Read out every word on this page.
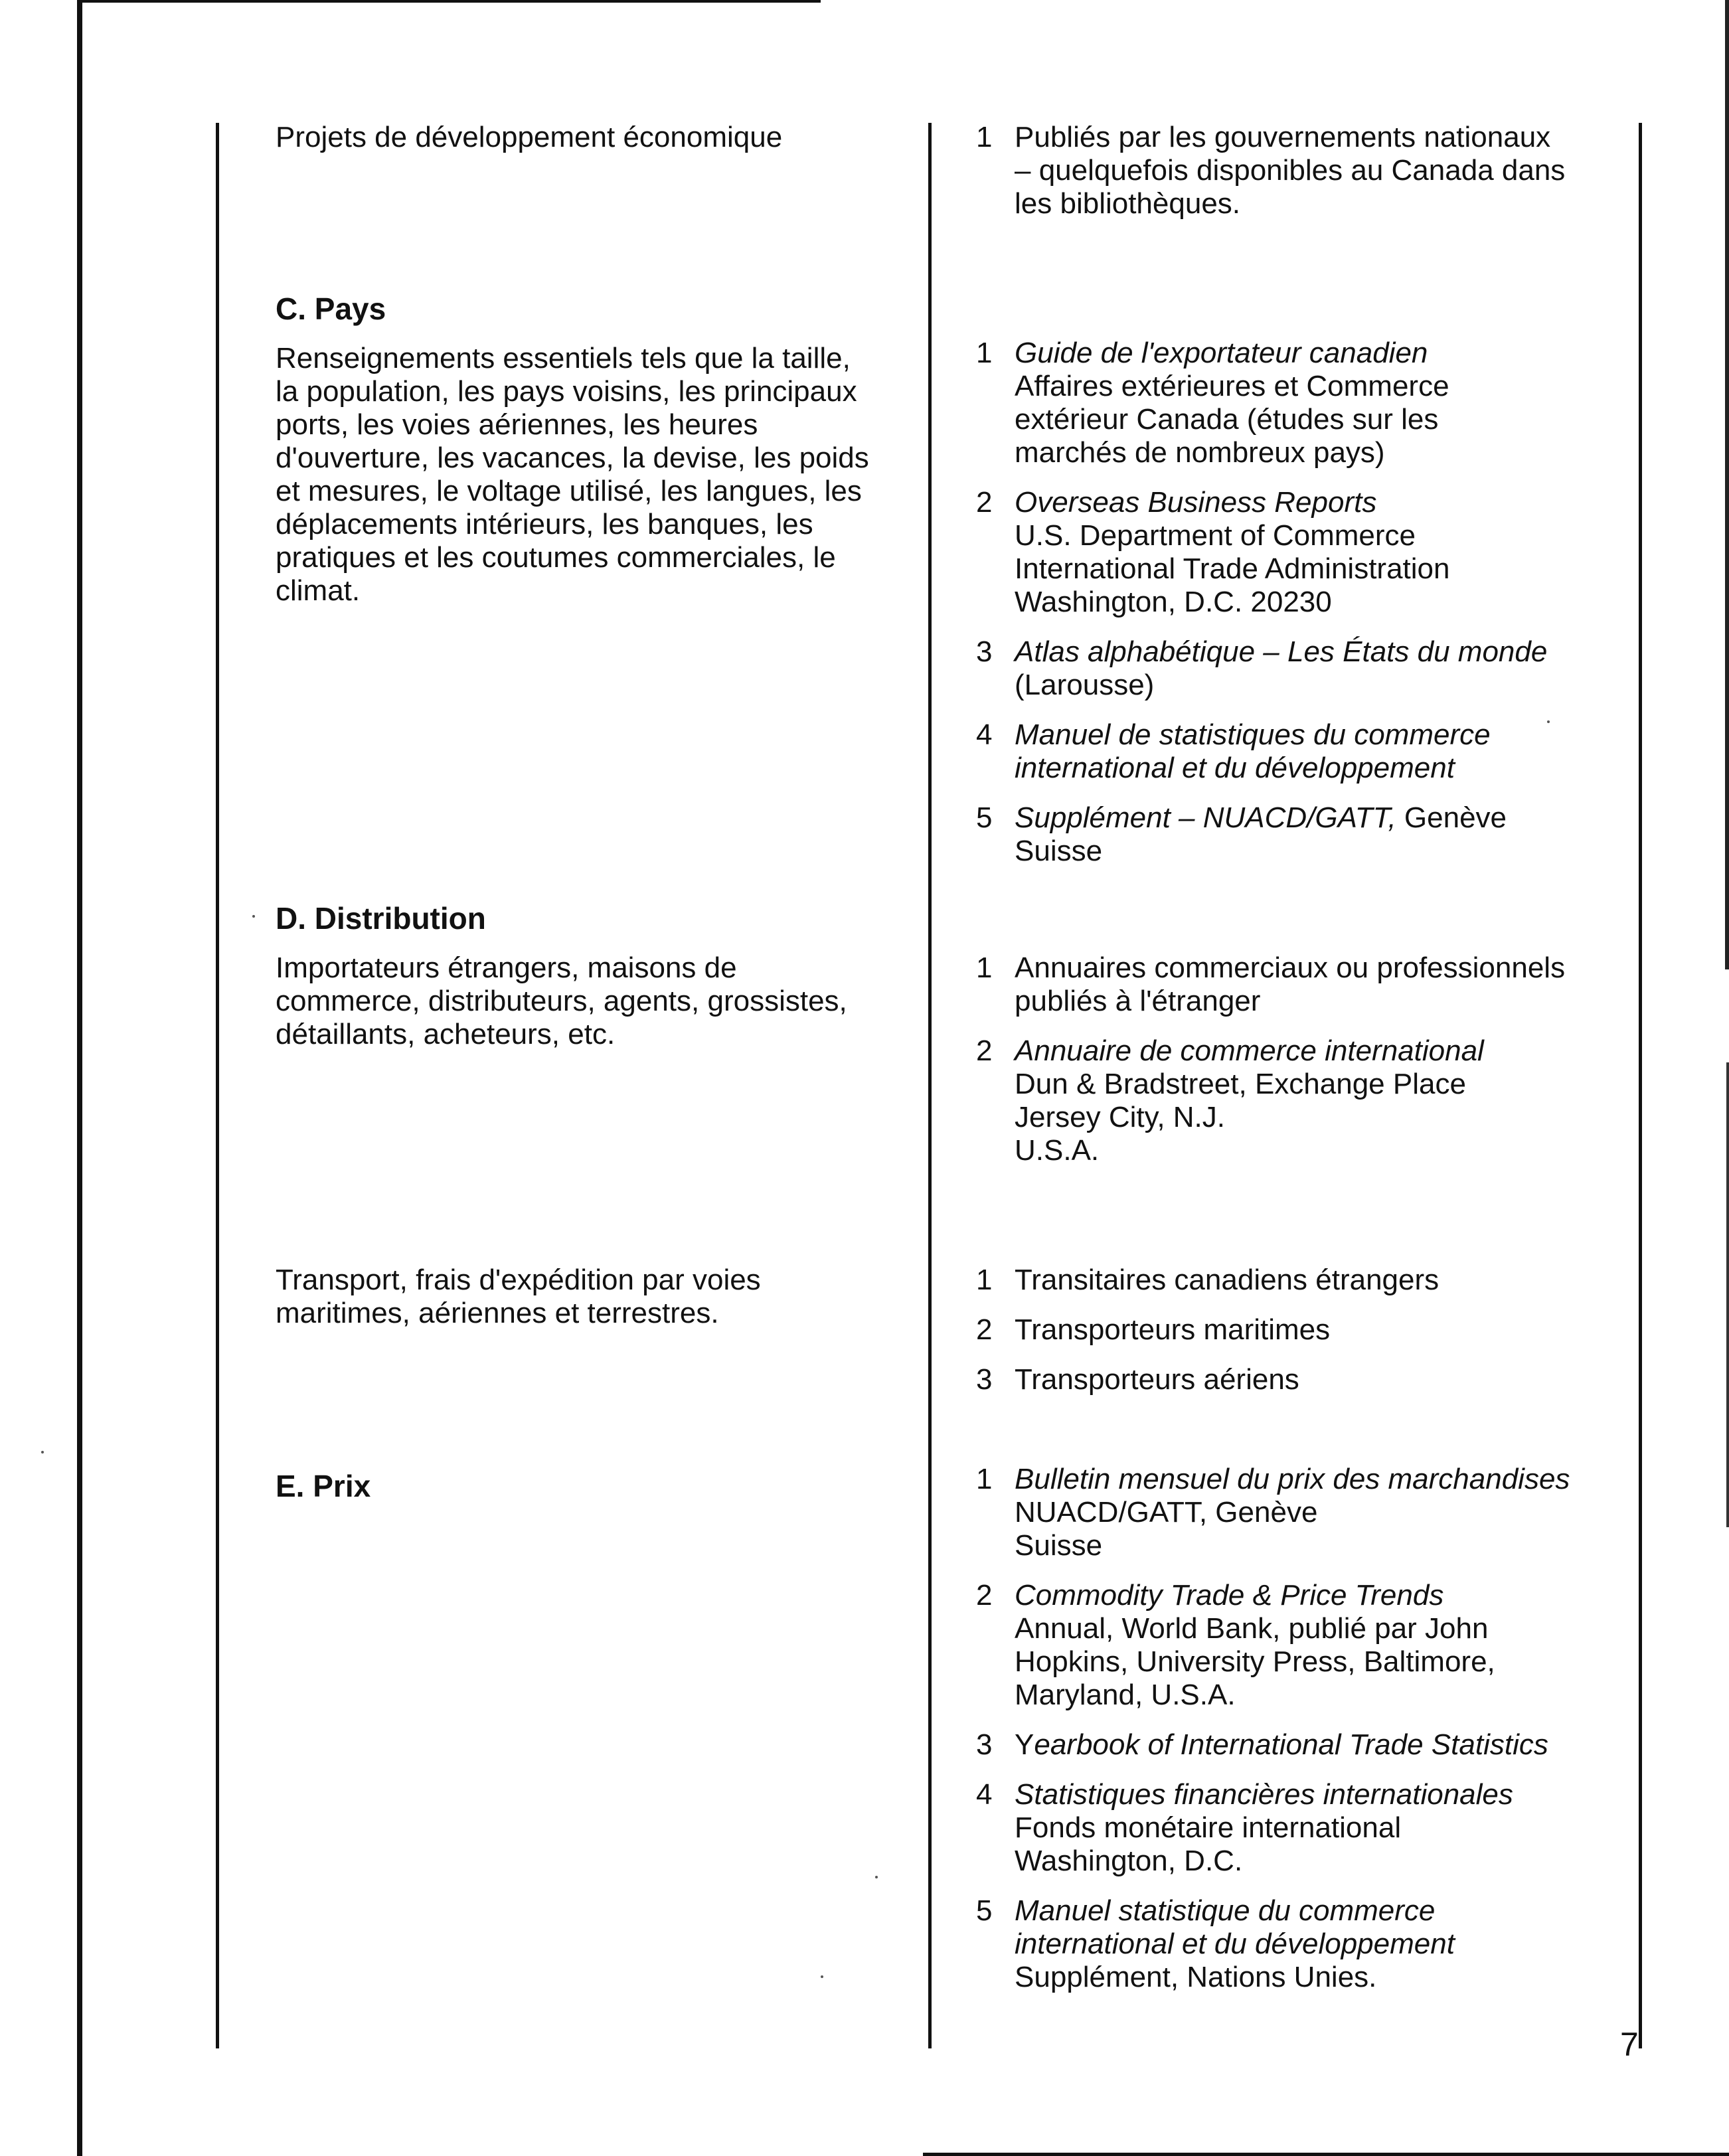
Projets de développement économique
C. Pays
Renseignements essentiels tels que la taille, la population, les pays voisins, les principaux ports, les voies aériennes, les heures d'ouverture, les vacances, la devise, les poids et mesures, le voltage utilisé, les langues, les déplacements intérieurs, les banques, les pratiques et les coutumes commerciales, le climat.
D. Distribution
Importateurs étrangers, maisons de commerce, distributeurs, agents, grossistes, détaillants, acheteurs, etc.
Transport, frais d'expédition par voies maritimes, aériennes et terrestres.
E. Prix
1 Publiés par les gouvernements nationaux
– quelquefois disponibles au Canada dans
les bibliothèques.
1 Guide de l'exportateur canadien
Affaires extérieures et Commerce
extérieur Canada (études sur les
marchés de nombreux pays)
2 Overseas Business Reports
U.S. Department of Commerce
International Trade Administration
Washington, D.C. 20230
3 Atlas alphabétique – Les États du monde
(Larousse)
4 Manuel de statistiques du commerce
international et du développement
5 Supplément – NUACD/GATT, Genève
Suisse
1 Annuaires commerciaux ou professionnels
publiés à l'étranger
2 Annuaire de commerce international
Dun & Bradstreet, Exchange Place
Jersey City, N.J.
U.S.A.
1 Transitaires canadiens étrangers
2 Transporteurs maritimes
3 Transporteurs aériens
1 Bulletin mensuel du prix des marchandises
NUACD/GATT, Genève
Suisse
2 Commodity Trade & Price Trends
Annual, World Bank, publié par John
Hopkins, University Press, Baltimore,
Maryland, U.S.A.
3 Yearbook of International Trade Statistics
4 Statistiques financières internationales
Fonds monétaire international
Washington, D.C.
5 Manuel statistique du commerce
international et du développement
Supplément, Nations Unies.
7
